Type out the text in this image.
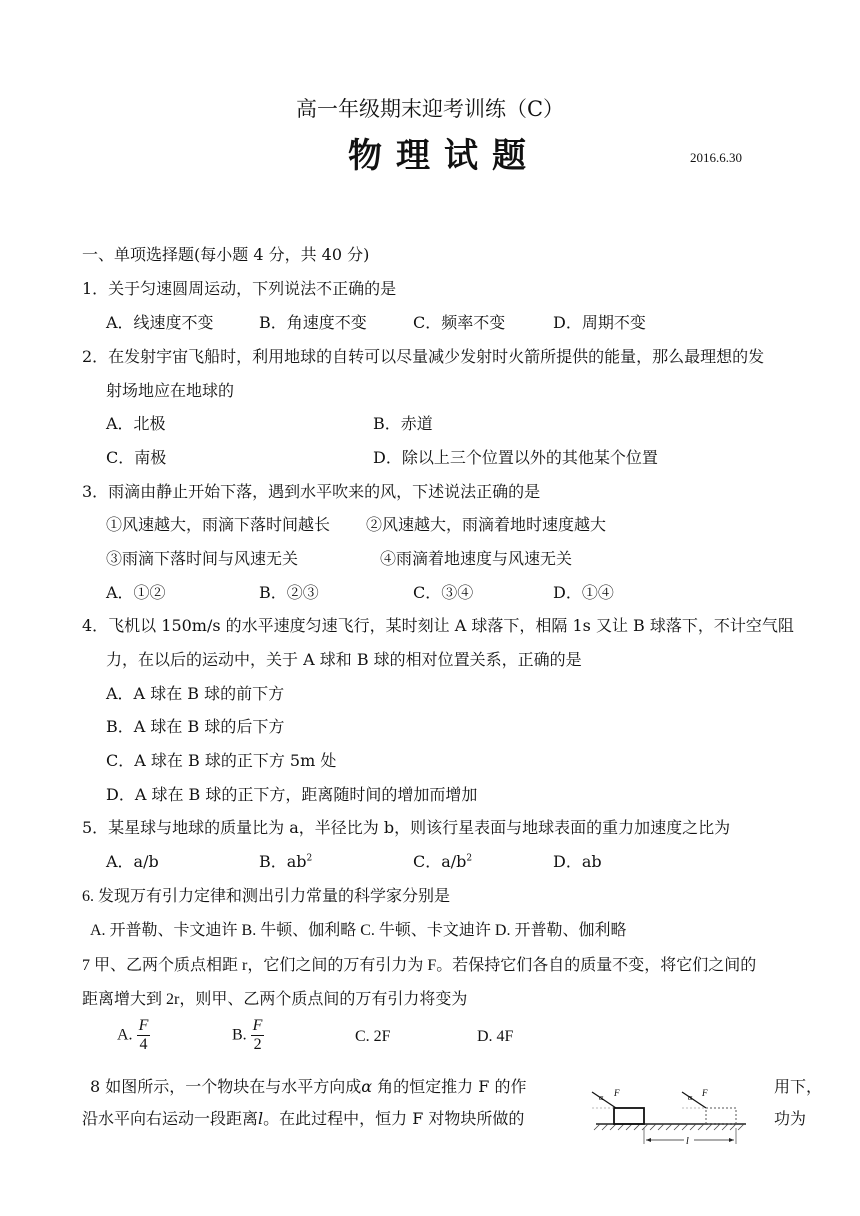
高一年级期末迎考训练（C）
物理试题	2016.6.30
一、单项选择题(每小题 4 分，共 40 分)
1．关于匀速圆周运动，下列说法不正确的是
A．线速度不变	B．角速度不变	C．频率不变	D．周期不变
2．在发射宇宙飞船时，利用地球的自转可以尽量减少发射时火箭所提供的能量，那么最理想的发
射场地应在地球的
A．北极	B．赤道
C．南极	D．除以上三个位置以外的其他某个位置
3．雨滴由静止开始下落，遇到水平吹来的风，下述说法正确的是
①风速越大，雨滴下落时间越长 ②风速越大，雨滴着地时速度越大
③雨滴下落时间与风速无关	④雨滴着地速度与风速无关
A．①②	B．②③	C．③④	D．①④
4．飞机以 150m/s 的水平速度匀速飞行，某时刻让 A 球落下，相隔 1s 又让 B 球落下，不计空气阻
力，在以后的运动中，关于 A 球和 B 球的相对位置关系，正确的是
A．A 球在 B 球的前下方
B．A 球在 B 球的后下方
C．A 球在 B 球的正下方 5m 处
D．A 球在 B 球的正下方，距离随时间的增加而增加
5．某星球与地球的质量比为 a，半径比为 b，则该行星表面与地球表面的重力加速度之比为
A．a/b	B．$ab^2$	C．$a/b^2$	D．ab
6. 发现万有引力定律和测出引力常量的科学家分别是
A. 开普勒、卡文迪许 B. 牛顿、伽利略 C. 牛顿、卡文迪许 D. 开普勒、伽利略
7 甲、乙两个质点相距 r，它们之间的万有引力为 F。若保持它们各自的质量不变，将它们之间的
距离增大到 2r，则甲、乙两个质点间的万有引力将变为
A. $\frac{F}{4}$	B. $\frac{F}{2}$	C. 2F	D. 4F
8 如图所示，一个物块在与水平方向成α 角的恒定推力 F 的作	用下，
沿水平向右运动一段距离l。在此过程中，恒力 F 对物块所做的	功为
α F	α F
l
